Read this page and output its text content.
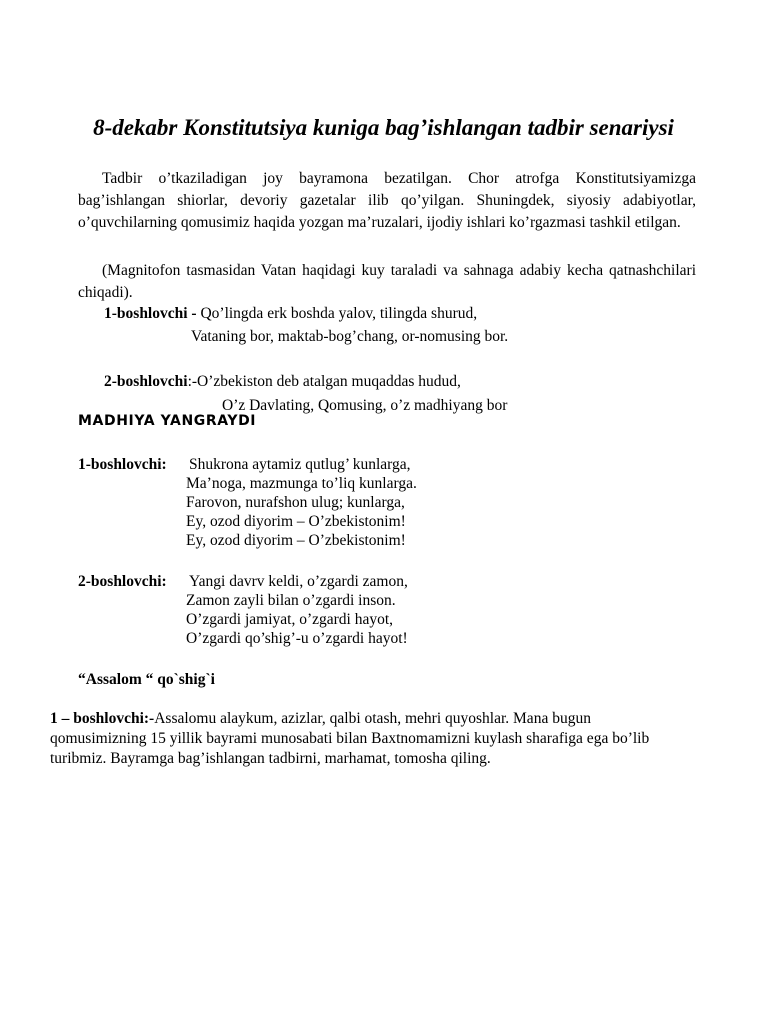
8-dekabr Konstitutsiya kuniga bag’ishlangan tadbir senariysi

Tadbir o’tkaziladigan joy bayramona bezatilgan. Chor atrofga Konstitutsiyamizga bag’ishlangan shiorlar, devoriy gazetalar ilib qo’yilgan. Shuningdek, siyosiy adabiyotlar, o’quvchilarning qomusimiz haqida yozgan ma’ruzalari, ijodiy ishlari ko’rgazmasi tashkil etilgan.

(Magnitofon tasmasidan Vatan haqidagi kuy taraladi va sahnaga adabiy kecha qatnashchilari chiqadi).

1-boshlovchi - Qo’lingda erk boshda yalov, tilingda shurud,

Vataning bor, maktab-bog’chang, or-nomusing bor.

2-boshlovchi:-O’zbekiston deb atalgan muqaddas hudud,

O’z Davlating, Qomusing, o’z madhiyang bor

MADHIYA YANGRAYDI

1-boshlovchi: Shukrona aytamiz qutlug’ kunlarga,

Ma’noga, mazmunga to’liq kunlarga.

Farovon, nurafshon ulug; kunlarga,

Ey, ozod diyorim – O’zbekistonim!

Ey, ozod diyorim – O’zbekistonim!

2-boshlovchi: Yangi davrv keldi, o’zgardi zamon,

Zamon zayli bilan o’zgardi inson.

O’zgardi jamiyat, o’zgardi hayot,

O’zgardi qo’shig’-u o’zgardi hayot!

“Assalom “ qo`shig`i

1 – boshlovchi:-Assalomu alaykum, azizlar, qalbi otash, mehri quyoshlar. Mana bugun qomusimizning 15 yillik bayrami munosabati bilan Baxtnomamizni kuylash sharafiga ega bo’lib turibmiz. Bayramga bag’ishlangan tadbirni, marhamat, tomosha qiling.
